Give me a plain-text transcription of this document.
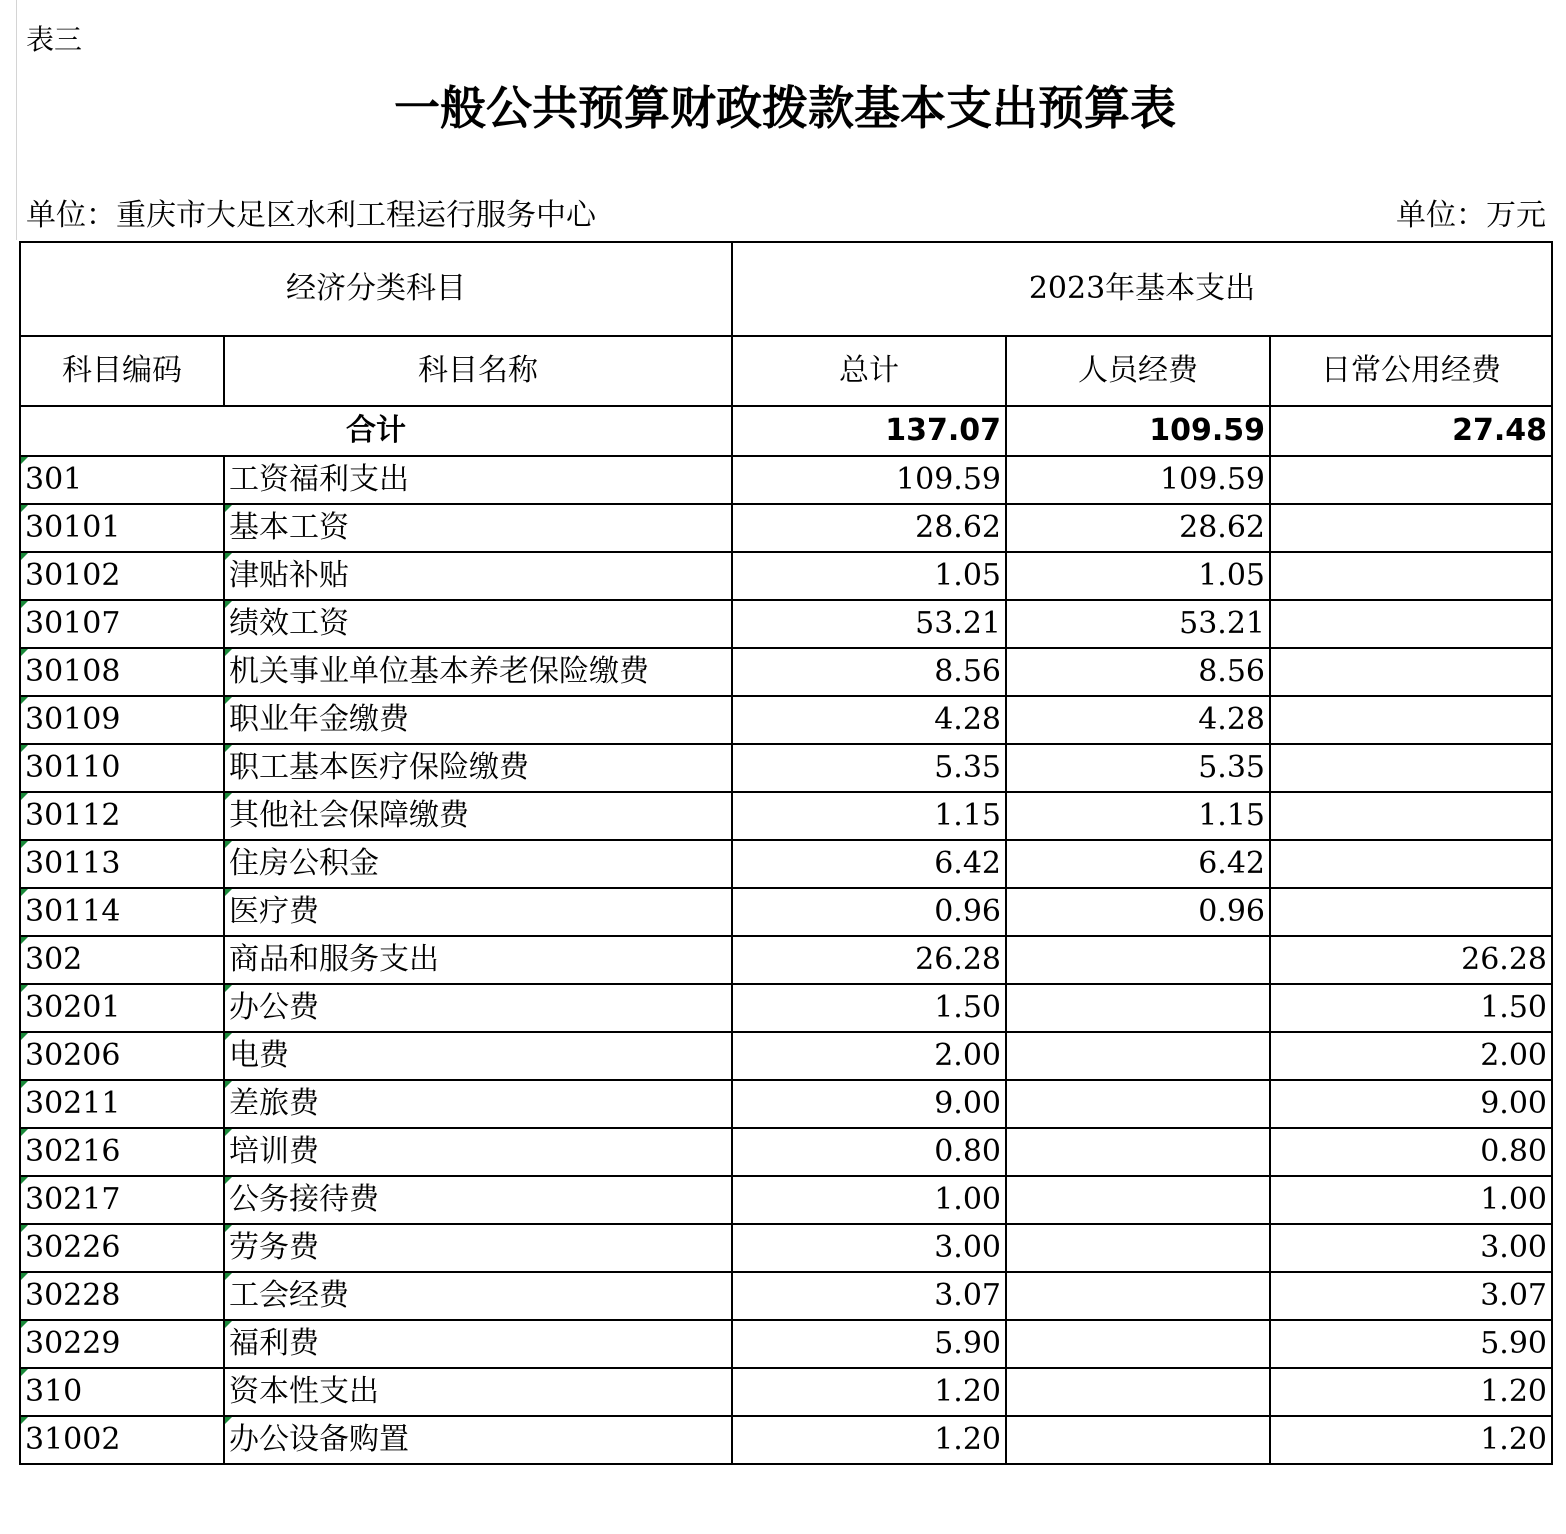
表三
一般公共预算财政拨款基本支出预算表
单位：重庆市大足区水利工程运行服务中心	单位：万元
经济分类科目		2023年基本支出		
科目编码	科目名称	总计	人员经费	日常公用经费
合计		137.07	109.59	27.48
301	工资福利支出	109.59	109.59	
30101	基本工资	28.62	28.62	
30102	津贴补贴	1.05	1.05	
30107	绩效工资	53.21	53.21	
30108	机关事业单位基本养老保险缴费	8.56	8.56	
30109	职业年金缴费	4.28	4.28	
30110	职工基本医疗保险缴费	5.35	5.35	
30112	其他社会保障缴费	1.15	1.15	
30113	住房公积金	6.42	6.42	
30114	医疗费	0.96	0.96	
302	商品和服务支出	26.28		26.28
30201	办公费	1.50		1.50
30206	电费	2.00		2.00
30211	差旅费	9.00		9.00
30216	培训费	0.80		0.80
30217	公务接待费	1.00		1.00
30226	劳务费	3.00		3.00
30228	工会经费	3.07		3.07
30229	福利费	5.90		5.90
310	资本性支出	1.20		1.20
31002	办公设备购置	1.20		1.20
